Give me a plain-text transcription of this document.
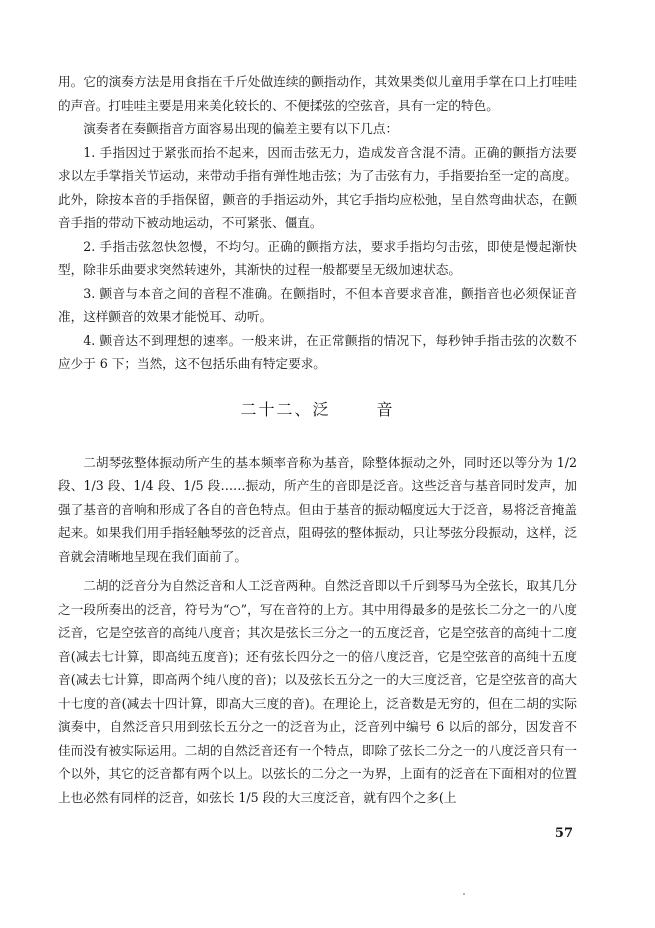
用。它的演奏方法是用食指在千斤处做连续的颤指动作，其效果类似儿童用手掌在口上打哇哇的声音。打哇哇主要是用来美化较长的、不便揉弦的空弦音，具有一定的特色。

演奏者在奏颤指音方面容易出现的偏差主要有以下几点：

1. 手指因过于紧张而抬不起来，因而击弦无力，造成发音含混不清。正确的颤指方法要求以左手掌指关节运动，来带动手指有弹性地击弦；为了击弦有力，手指要抬至一定的高度。此外，除按本音的手指保留，颤音的手指运动外，其它手指均应松弛，呈自然弯曲状态，在颤音手指的带动下被动地运动，不可紧张、僵直。

2. 手指击弦忽快忽慢，不均匀。正确的颤指方法，要求手指均匀击弦，即使是慢起渐快型，除非乐曲要求突然转速外，其渐快的过程一般都要呈无级加速状态。

3. 颤音与本音之间的音程不准确。在颤指时，不但本音要求音准，颤指音也必须保证音准，这样颤音的效果才能悦耳、动听。

4. 颤音达不到理想的速率。一般来讲，在正常颤指的情况下，每秒钟手指击弦的次数不应少于 6 下；当然，这不包括乐曲有特定要求。

二十二、泛	音

二胡琴弦整体振动所产生的基本频率音称为基音，除整体振动之外，同时还以等分为 1/2 段、1/3 段、1/4 段、1/5 段……振动，所产生的音即是泛音。这些泛音与基音同时发声，加强了基音的音响和形成了各自的音色特点。但由于基音的振动幅度远大于泛音，易将泛音掩盖起来。如果我们用手指轻触琴弦的泛音点，阻碍弦的整体振动，只让琴弦分段振动，这样，泛音就会清晰地呈现在我们面前了。

二胡的泛音分为自然泛音和人工泛音两种。自然泛音即以千斤到琴马为全弦长，取其几分之一段所奏出的泛音，符号为“○”，写在音符的上方。其中用得最多的是弦长二分之一的八度泛音，它是空弦音的高纯八度音；其次是弦长三分之一的五度泛音，它是空弦音的高纯十二度音(减去七计算，即高纯五度音)；还有弦长四分之一的倍八度泛音，它是空弦音的高纯十五度音(减去七计算，即高两个纯八度的音)；以及弦长五分之一的大三度泛音，它是空弦音的高大十七度的音(减去十四计算，即高大三度的音)。在理论上，泛音数是无穷的，但在二胡的实际演奏中，自然泛音只用到弦长五分之一的泛音为止，泛音列中编号 6 以后的部分，因发音不佳而没有被实际运用。二胡的自然泛音还有一个特点，即除了弦长二分之一的八度泛音只有一个以外，其它的泛音都有两个以上。以弦长的二分之一为界，上面有的泛音在下面相对的位置上也必然有同样的泛音，如弦长 1/5 段的大三度泛音，就有四个之多(上

57
